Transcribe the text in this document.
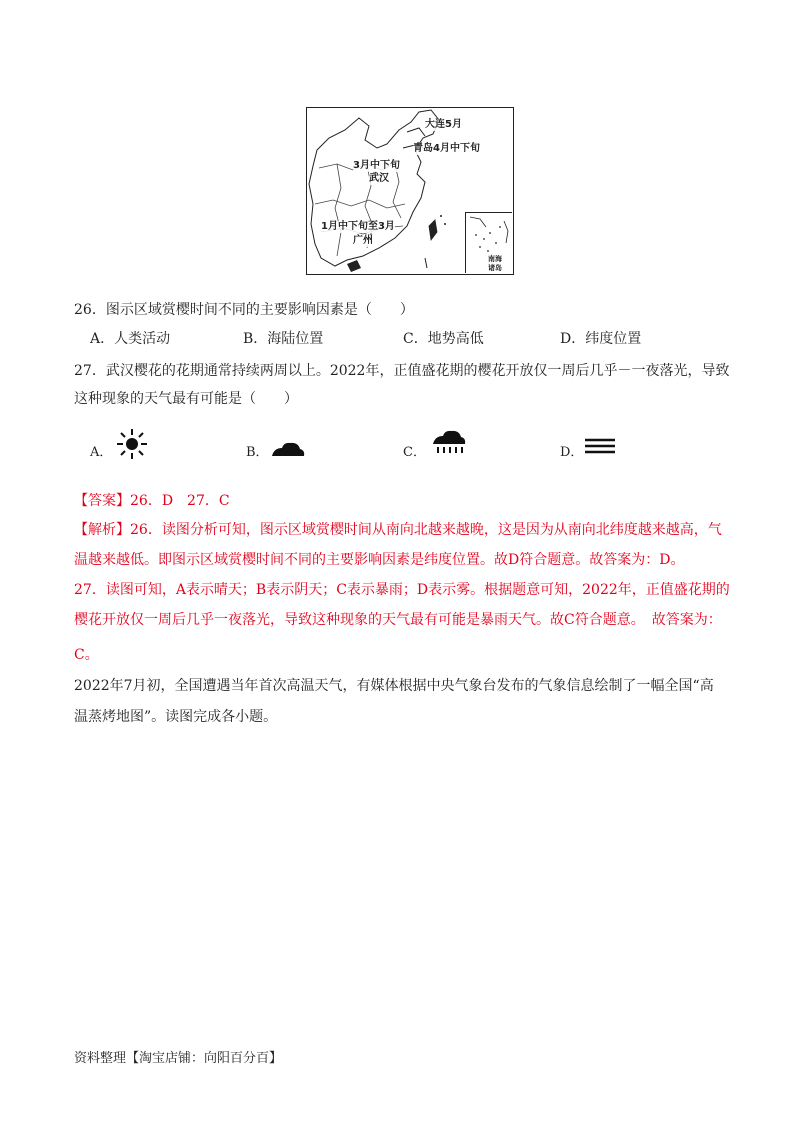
南海
诸岛
大连5月
青岛4月中下旬
3月中下旬
武汉
1月中下旬至3月
广州
26．图示区域赏樱时间不同的主要影响因素是（　　）
A．人类活动	B．海陆位置	C．地势高低	D．纬度位置
27．武汉樱花的花期通常持续两周以上。2022年，正值盛花期的樱花开放仅一周后几乎－一夜落光，导致
这种现象的天气最有可能是（　　）
A．	B．	C．	D．
【答案】26．D　27．C
【解析】26．读图分析可知，图示区域赏樱时间从南向北越来越晚，这是因为从南向北纬度越来越高，气
温越来越低。即图示区域赏樱时间不同的主要影响因素是纬度位置。故D符合题意。故答案为：D。
27．读图可知，A表示晴天；B表示阴天；C表示暴雨；D表示雾。根据题意可知，2022年，正值盛花期的
樱花开放仅一周后几乎一夜落光，导致这种现象的天气最有可能是暴雨天气。故C符合题意。　故答案为：
C。
2022年7月初，全国遭遇当年首次高温天气，有媒体根据中央气象台发布的气象信息绘制了一幅全国“高
温蒸烤地图”。读图完成各小题。
资料整理【淘宝店铺：向阳百分百】
